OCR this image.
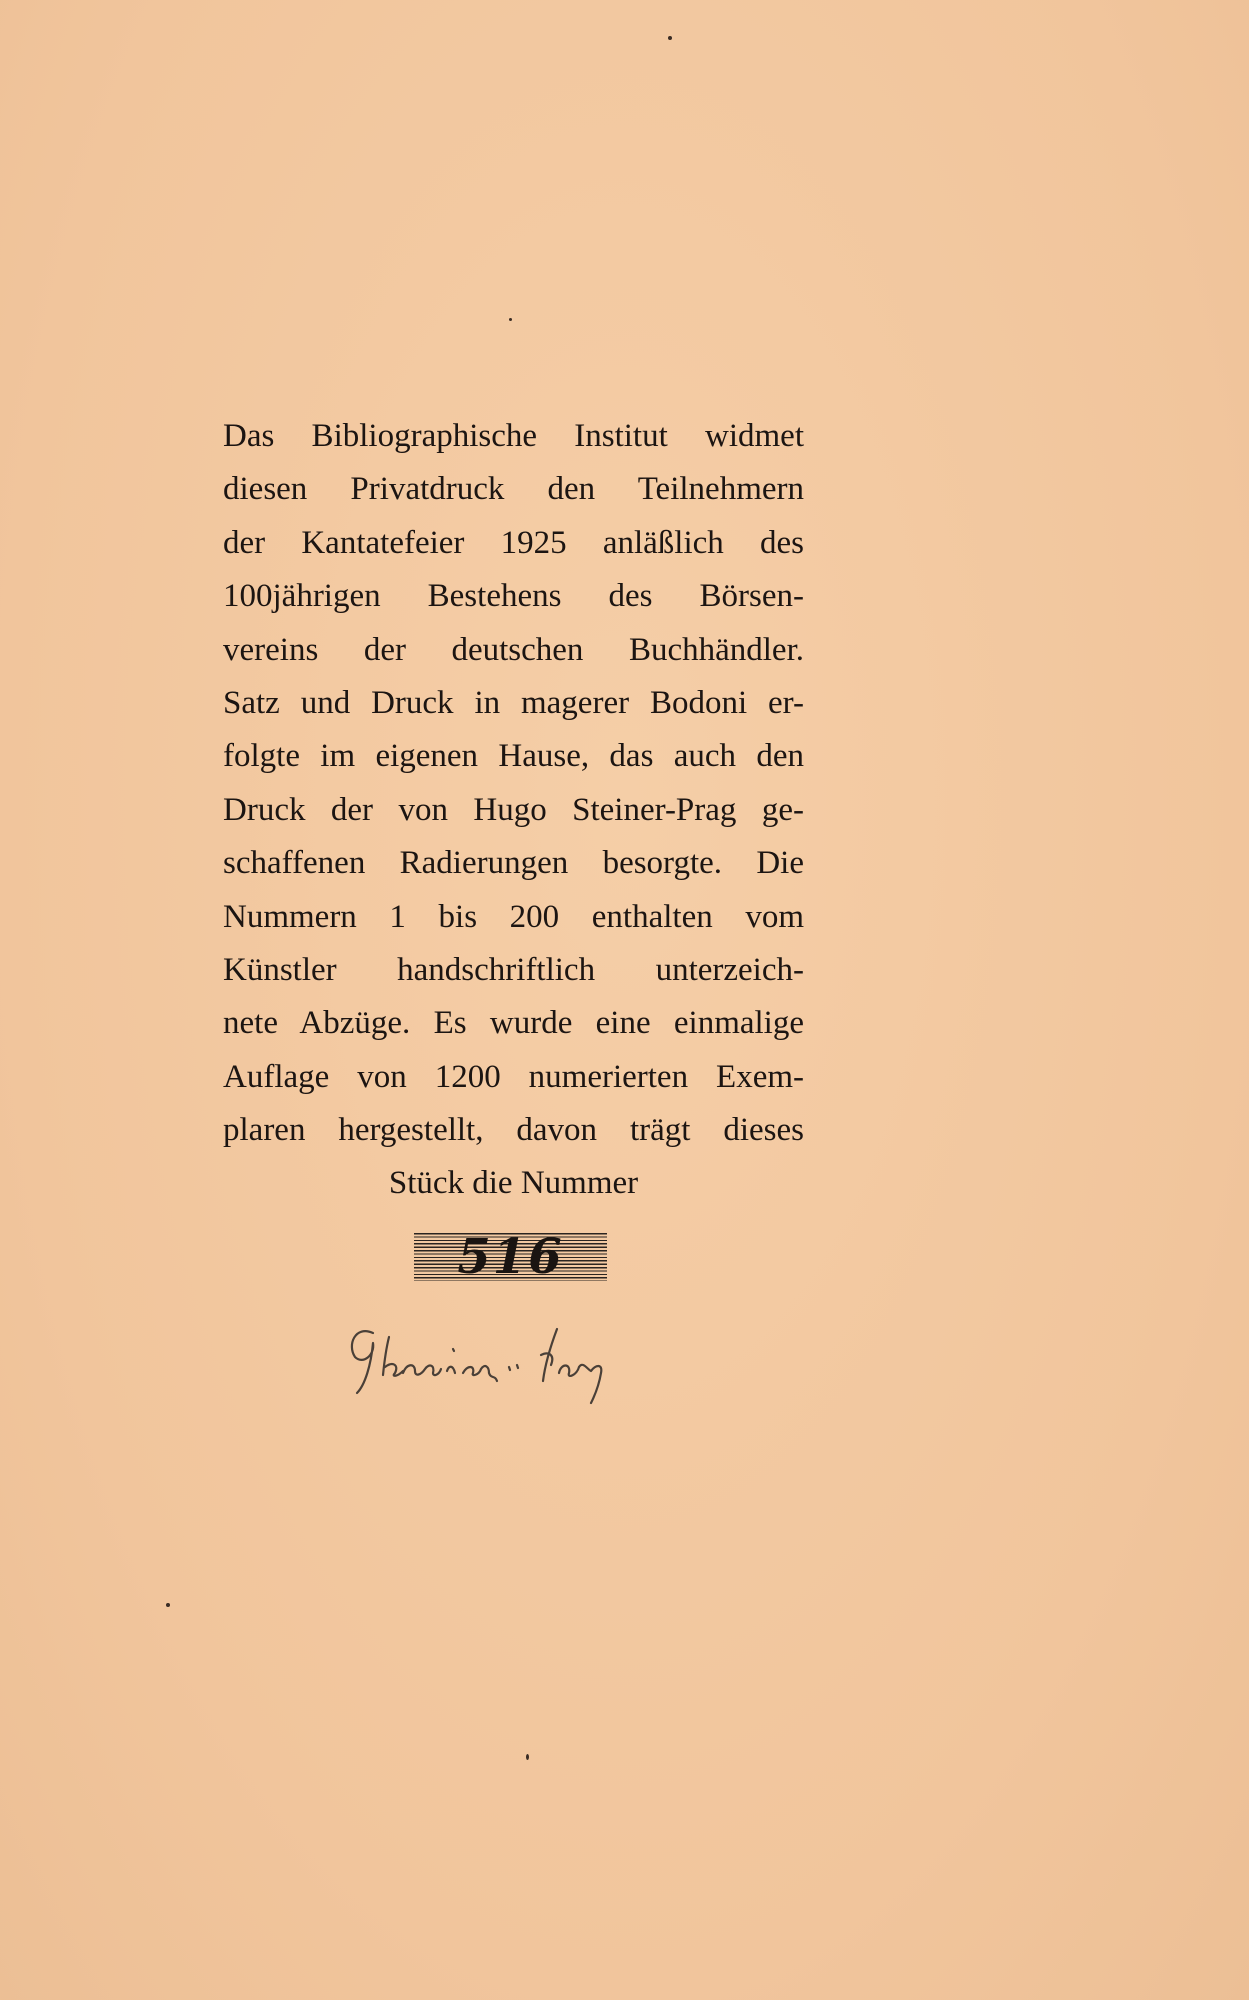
Das Bibliographische Institut widmet
diesen Privatdruck den Teilnehmern
der Kantatefeier 1925 anläßlich des
100jährigen Bestehens des Börsen-
vereins der deutschen Buchhändler.
Satz und Druck in magerer Bodoni er-
folgte im eigenen Hause, das auch den
Druck der von Hugo Steiner-Prag ge-
schaffenen Radierungen besorgte. Die
Nummern 1 bis 200 enthalten vom
Künstler handschriftlich unterzeich-
nete Abzüge. Es wurde eine einmalige
Auflage von 1200 numerierten Exem-
plaren hergestellt, davon trägt dieses
Stück die Nummer
516
